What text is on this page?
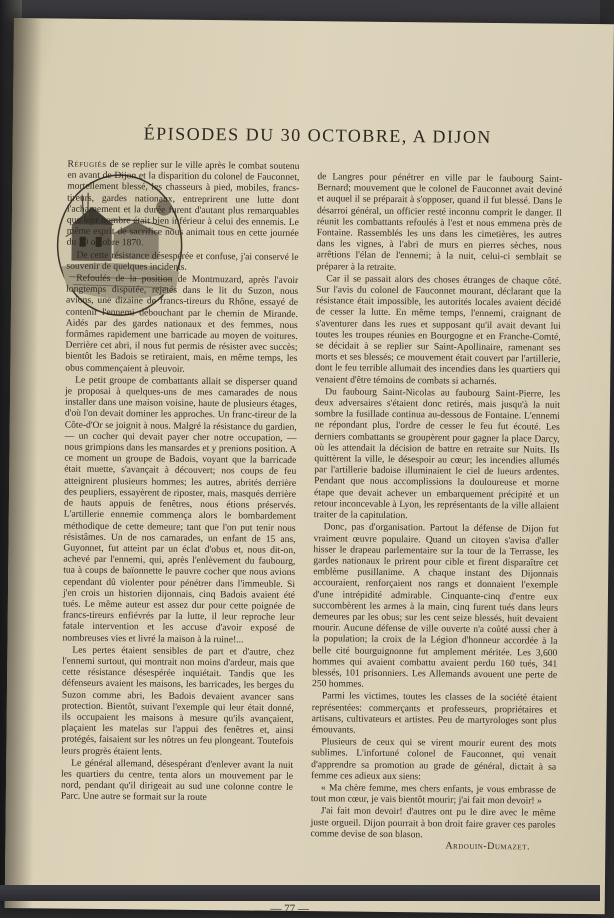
ÉPISODES DU 30 OCTOBRE, A DIJON

Réfugiés de se replier sur le ville après le combat soutenu en avant de Dijon et la disparition du colonel de Fauconnet, mortellement blessé, les chasseurs à pied, mobiles, francs-tireurs, gardes nationaux, entreprirent une lutte dont l'acharnement et la durée furent d'autant plus remarquables que leur nombre était bien inférieur à celui des ennemis. Le même esprit de sacrifice nous animait tous en cette journée du 30 octobre 1870.

De cette résistance désespérée et confuse, j'ai conservé le souvenir de quelques incidents.

Refoulés de la position de Montmuzard, après l'avoir longtemps disputée, rejetés dans le lit du Suzon, nous avions, une dizaine de francs-tireurs du Rhône, essayé de contenir l'ennemi débouchant par le chemin de Mirande. Aidés par des gardes nationaux et des femmes, nous formâmes rapidement une barricade au moyen de voitures. Derrière cet abri, il nous fut permis de résister avec succès; bientôt les Badois se retiraient, mais, en même temps, les obus commençaient à pleuvoir.

Le petit groupe de combattants allait se disperser quand je proposai à quelques-uns de mes camarades de nous installer dans une maison voisine, haute de plusieurs étages, d'où l'on devait dominer les approches. Un franc-tireur de la Côte-d'Or se joignit à nous. Malgré la résistance du gardien, — un cocher qui devait payer cher notre occupation, — nous grimpions dans les mansardes et y prenions position. A ce moment un groupe de Badois, voyant que la barricade était muette, s'avançait à découvert; nos coups de feu atteignirent plusieurs hommes; les autres, abrités derrière des peupliers, essayèrent de riposter, mais, masqués derrière de hauts appuis de fenêtres, nous étions préservés. L'artillerie ennemie commença alors le bombardement méthodique de cette demeure; tant que l'on put tenir nous résistâmes. Un de nos camarades, un enfant de 15 ans, Guyonnet, fut atteint par un éclat d'obus et, nous dit-on, achevé par l'ennemi, qui, après l'enlèvement du faubourg, tua à coups de baïonnette le pauvre cocher que nous avions cependant dû violenter pour pénétrer dans l'immeuble. Si j'en crois un historien dijonnais, cinq Badois avaient été tués. Le même auteur est assez dur pour cette poignée de francs-tireurs enfiévrés par la lutte, il leur reproche leur fatale intervention et les accuse d'avoir exposé de nombreuses vies et livré la maison à la ruine!...

Les pertes étaient sensibles de part et d'autre, chez l'ennemi surtout, qui montrait non moins d'ardeur, mais que cette résistance désespérée inquiétait. Tandis que les défenseurs avaient les maisons, les barricades, les berges du Suzon comme abri, les Badois devaient avancer sans protection. Bientôt, suivant l'exemple qui leur était donné, ils occupaient les maisons à mesure qu'ils avançaient, plaçaient les matelas sur l'appui des fenêtres et, ainsi protégés, faisaient sur les nôtres un feu plongeant. Toutefois leurs progrès étaient lents.

Le général allemand, désespérant d'enlever avant la nuit les quartiers du centre, tenta alors un mouvement par le nord, pendant qu'il dirigeait au sud une colonne contre le Parc. Une autre se formait sur la route

de Langres pour pénétrer en ville par le faubourg Saint-Bernard; mouvement que le colonel de Fauconnet avait deviné et auquel il se préparait à s'opposer, quand il fut blessé. Dans le désarroi général, un officier resté inconnu comprit le danger. Il réunit les combattants refoulés à l'est et nous emmena près de Fontaine. Rassemblés les uns dans les cimetières, les autres dans les vignes, à l'abri de murs en pierres sèches, nous arrêtions l'élan de l'ennemi; à la nuit, celui-ci semblait se préparer à la retraite.

Car il se passait alors des choses étranges de chaque côté. Sur l'avis du colonel de Fauconnet mourant, déclarant que la résistance était impossible, les autorités locales avaient décidé de cesser la lutte. En même temps, l'ennemi, craignant de s'aventurer dans les rues et supposant qu'il avait devant lui toutes les troupes réunies en Bourgogne et en Franche-Comté, se décidait à se replier sur Saint-Apollinaire, ramenant ses morts et ses blessés; ce mouvement était couvert par l'artillerie, dont le feu terrible allumait des incendies dans les quartiers qui venaient d'être témoins de combats si acharnés.

Du faubourg Saint-Nicolas au faubourg Saint-Pierre, les deux adversaires s'étaient donc retirés, mais jusqu'à la nuit sombre la fusillade continua au-dessous de Fontaine. L'ennemi ne répondant plus, l'ordre de cesser le feu fut écouté. Les derniers combattants se groupèrent pour gagner la place Darcy, où les attendait la décision de battre en retraite sur Nuits. Ils quittèrent la ville, le désespoir au cœur; les incendies allumés par l'artillerie badoise illuminaient le ciel de lueurs ardentes. Pendant que nous accomplissions la douloureuse et morne étape que devait achever un embarquement précipité et un retour inconcevable à Lyon, les représentants de la ville allaient traiter de la capitulation.

Donc, pas d'organisation. Partout la défense de Dijon fut vraiment œuvre populaire. Quand un citoyen s'avisa d'aller hisser le drapeau parlementaire sur la tour de la Terrasse, les gardes nationaux le prirent pour cible et firent disparaître cet emblème pusillanime. A chaque instant des Dijonnais accouraient, renforçaient nos rangs et donnaient l'exemple d'une intrépidité admirable. Cinquante-cinq d'entre eux succombèrent les armes à la main, cinq furent tués dans leurs demeures par les obus; sur les cent seize blessés, huit devaient mourir. Aucune défense de ville ouverte n'a coûté aussi cher à la population; la croix de la Légion d'honneur accordée à la belle cité bourguignonne fut amplement méritée. Les 3,600 hommes qui avaient combattu avaient perdu 160 tués, 341 blessés, 101 prisonniers. Les Allemands avouent une perte de 250 hommes.

Parmi les victimes, toutes les classes de la société étaient représentées: commerçants et professeurs, propriétaires et artisans, cultivateurs et artistes. Peu de martyrologes sont plus émouvants.

Plusieurs de ceux qui se virent mourir eurent des mots sublimes. L'infortuné colonel de Fauconnet, qui venait d'apprendre sa promotion au grade de général, dictait à sa femme ces adieux aux siens:

« Ma chère femme, mes chers enfants, je vous embrasse de tout mon cœur, je vais bientôt mourir; j'ai fait mon devoir! »

J'ai fait mon devoir! d'autres ont pu le dire avec le même juste orgueil. Dijon pourrait à bon droit faire graver ces paroles comme devise de son blason.

Ardouin-Dumazet.
— 77 —
